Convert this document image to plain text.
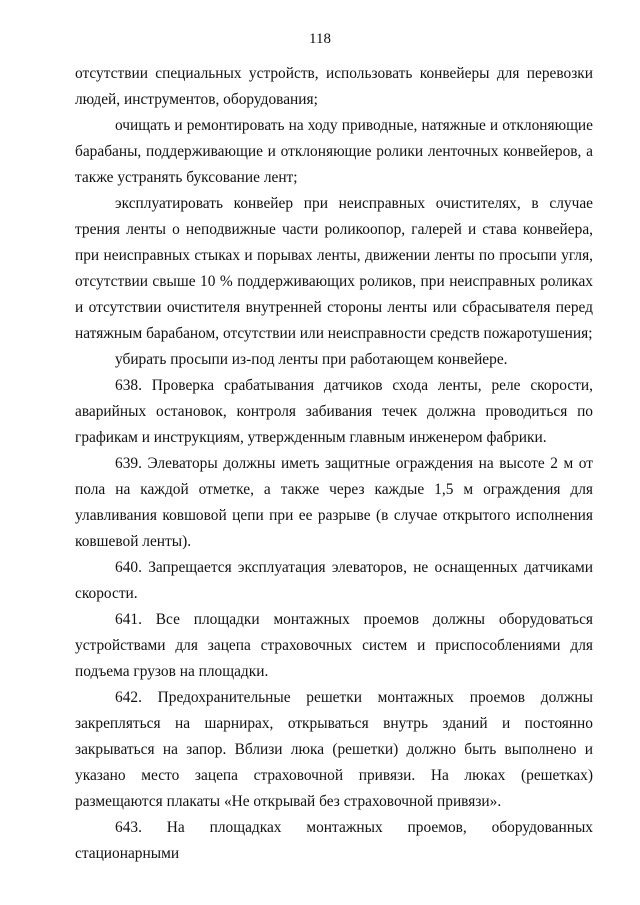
118

отсутствии специальных устройств, использовать конвейеры для перевозки людей, инструментов, оборудования;

очищать и ремонтировать на ходу приводные, натяжные и отклоняющие барабаны, поддерживающие и отклоняющие ролики ленточных конвейеров, а также устранять буксование лент;

эксплуатировать конвейер при неисправных очистителях, в случае трения ленты о неподвижные части роликоопор, галерей и става конвейера, при неисправных стыках и порывах ленты, движении ленты по просыпи угля, отсутствии свыше 10 % поддерживающих роликов, при неисправных роликах и отсутствии очистителя внутренней стороны ленты или сбрасывателя перед натяжным барабаном, отсутствии или неисправности средств пожаротушения;

убирать просыпи из-под ленты при работающем конвейере.

638. Проверка срабатывания датчиков схода ленты, реле скорости, аварийных остановок, контроля забивания течек должна проводиться по графикам и инструкциям, утвержденным главным инженером фабрики.

639. Элеваторы должны иметь защитные ограждения на высоте 2 м от пола на каждой отметке, а также через каждые 1,5 м ограждения для улавливания ковшовой цепи при ее разрыве (в случае открытого исполнения ковшевой ленты).

640. Запрещается эксплуатация элеваторов, не оснащенных датчиками скорости.

641. Все площадки монтажных проемов должны оборудоваться устройствами для зацепа страховочных систем и приспособлениями для подъема грузов на площадки.

642. Предохранительные решетки монтажных проемов должны закрепляться на шарнирах, открываться внутрь зданий и постоянно закрываться на запор. Вблизи люка (решетки) должно быть выполнено и указано место зацепа страховочной привязи. На люках (решетках) размещаются плакаты «Не открывай без страховочной привязи».

643. На площадках монтажных проемов, оборудованных стационарными
